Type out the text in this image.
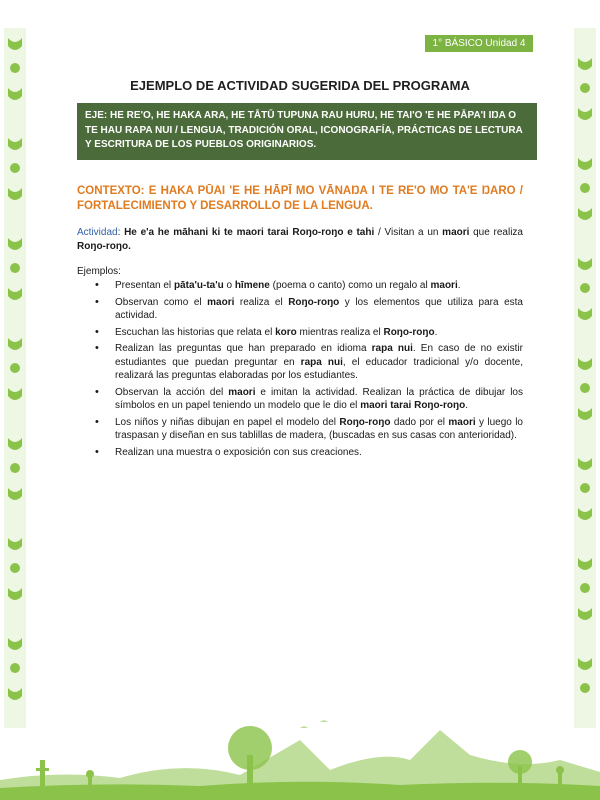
1° BÁSICO Unidad 4
EJEMPLO DE ACTIVIDAD SUGERIDA DEL PROGRAMA
EJE: HE RE'O, HE HAKA ARA, HE TĀTŪ TUPUNA RAU HURU, HE TAI'O 'E HE PĀPA'I IŊA O TE HAU RAPA NUI / LENGUA, TRADICIÓN ORAL, ICONOGRAFÍA, PRÁCTICAS DE LECTURA Y ESCRITURA DE LOS PUEBLOS ORIGINARIOS.
CONTEXTO: E HAKA PŪAI 'E HE HĀPĪ MO VĀNAŊA I TE RE'O MO TA'E ŊARO / FORTALECIMIENTO Y DESARROLLO DE LA LENGUA.
Actividad: He e'a he māhani ki te maori tarai Roŋo-roŋo e tahi / Visitan a un maori que realiza Roŋo-roŋo.
Ejemplos:
• Presentan el pāta'u-ta'u o hīmene (poema o canto) como un regalo al maori.
• Observan como el maori realiza el Roŋo-roŋo y los elementos que utiliza para esta actividad.
• Escuchan las historias que relata el koro mientras realiza el Roŋo-roŋo.
• Realizan las preguntas que han preparado en idioma rapa nui. En caso de no existir estudiantes que puedan preguntar en rapa nui, el educador tradicional y/o docente, realizará las preguntas elaboradas por los estudiantes.
• Observan la acción del maori e imitan la actividad. Realizan la práctica de dibujar los símbolos en un papel teniendo un modelo que le dio el maori tarai Roŋo-roŋo.
• Los niños y niñas dibujan en papel el modelo del Roŋo-roŋo dado por el maori y luego lo traspasan y diseñan en sus tablillas de madera, (buscadas en sus casas con anterioridad).
• Realizan una muestra o exposición con sus creaciones.
